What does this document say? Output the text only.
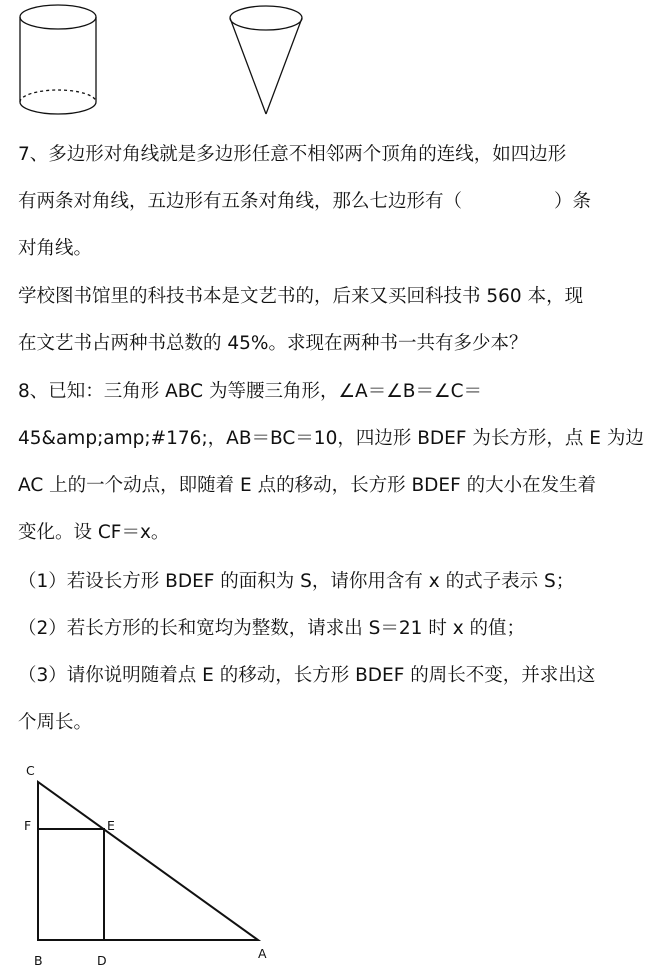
7、多边形对角线就是多边形任意不相邻两个顶角的连线，如四边形
有两条对角线，五边形有五条对角线，那么七边形有（	）条
对角线。
学校图书馆里的科技书本是文艺书的，后来又买回科技书 560 本，现
在文艺书占两种书总数的 45%。求现在两种书一共有多少本？
8、已知：三角形 ABC 为等腰三角形，∠A＝∠B＝∠C＝
45&amp;amp;#176;，AB＝BC＝10，四边形 BDEF 为长方形，点 E 为边
AC 上的一个动点，即随着 E 点的移动，长方形 BDEF 的大小在发生着
变化。设 CF＝x。
（1）若设长方形 BDEF 的面积为 S，请你用含有 x 的式子表示 S；
（2）若长方形的长和宽均为整数，请求出 S＝21 时 x 的值；
（3）请你说明随着点 E 的移动，长方形 BDEF 的周长不变，并求出这
个周长。
C
F	E
B	D	A
